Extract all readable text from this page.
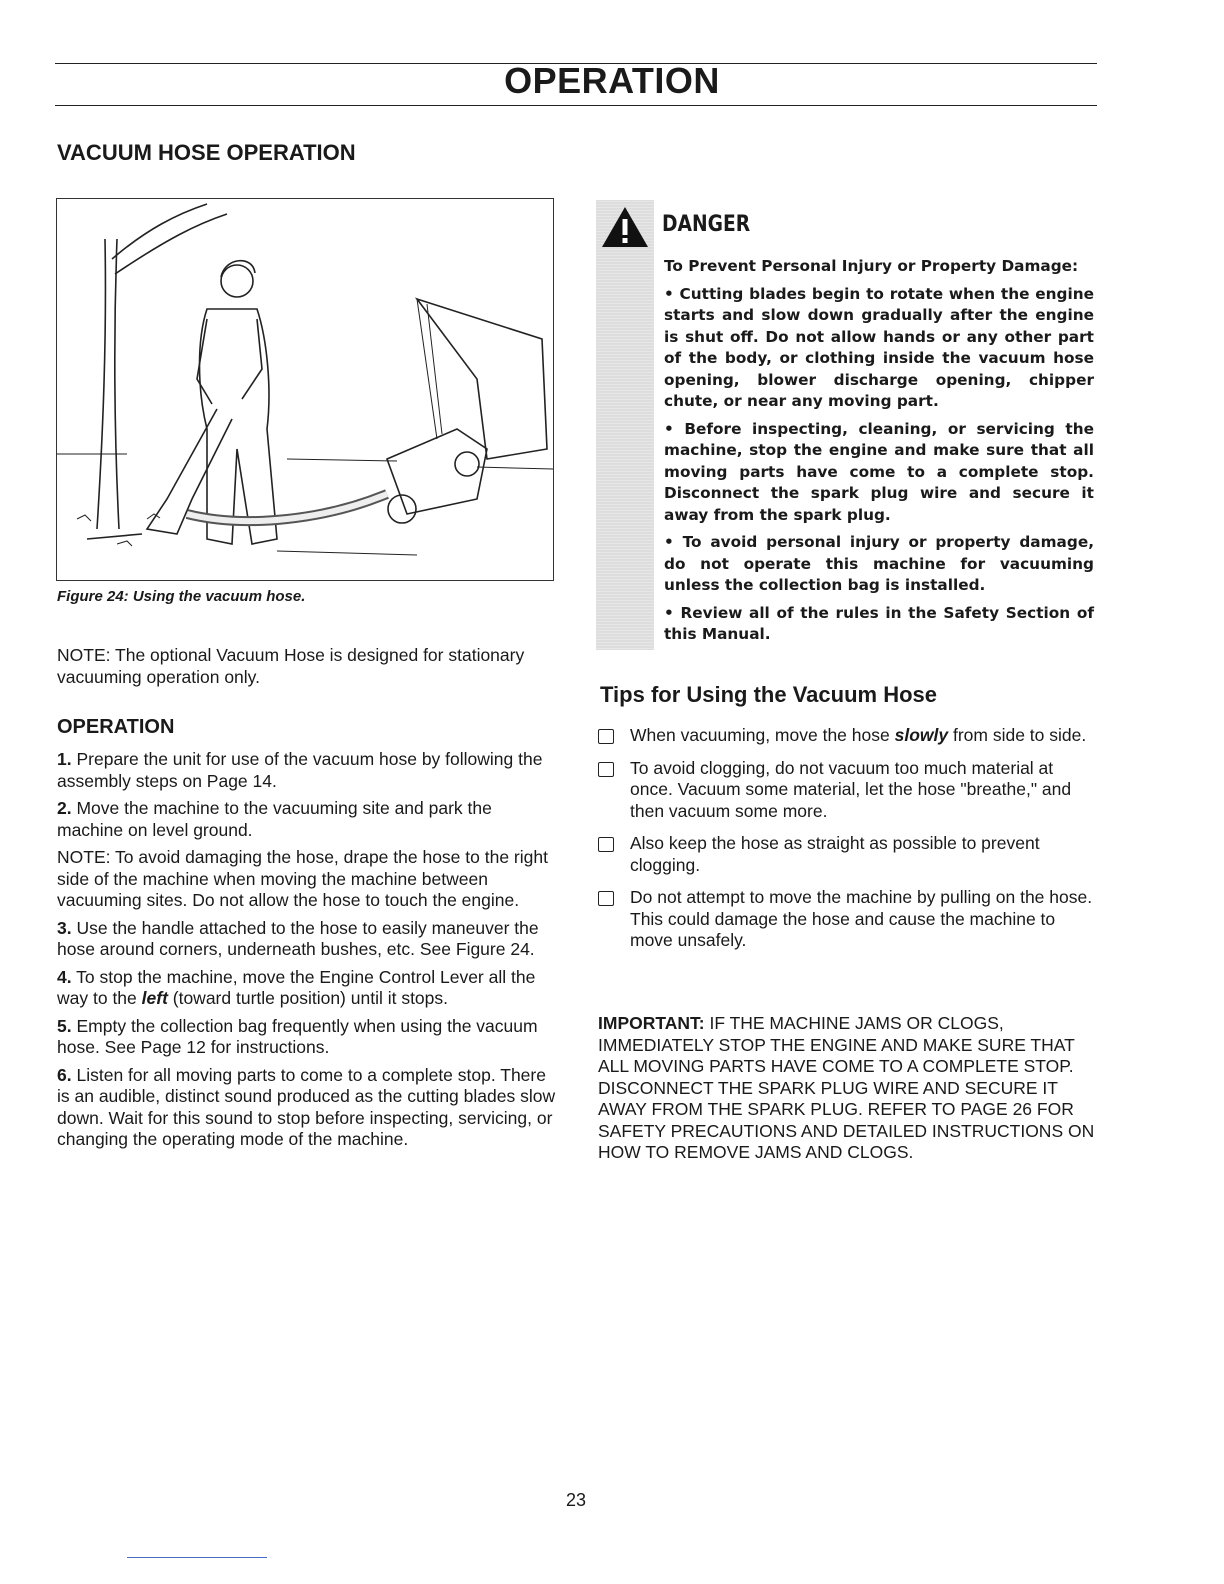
OPERATION
VACUUM HOSE OPERATION
Figure 24: Using the vacuum hose.
NOTE: The optional Vacuum Hose is designed for stationary vacuuming operation only.
OPERATION

1. Prepare the unit for use of the vacuum hose by following the assembly steps on Page 14.

2. Move the machine to the vacuuming site and park the machine on level ground.

NOTE: To avoid damaging the hose, drape the hose to the right side of the machine when moving the machine between vacuuming sites. Do not allow the hose to touch the engine.

3. Use the handle attached to the hose to easily maneuver the hose around corners, underneath bushes, etc. See Figure 24.

4. To stop the machine, move the Engine Control Lever all the way to the left (toward turtle position) until it stops.

5. Empty the collection bag frequently when using the vacuum hose. See Page 12 for instructions.

6. Listen for all moving parts to come to a complete stop. There is an audible, distinct sound produced as the cutting blades slow down. Wait for this sound to stop before inspecting, servicing, or changing the operating mode of the machine.

DANGER

To Prevent Personal Injury or Property Damage:

• Cutting blades begin to rotate when the engine starts and slow down gradually after the engine is shut off. Do not allow hands or any other part of the body, or clothing inside the vacuum hose opening, blower discharge opening, chipper chute, or near any moving part.

• Before inspecting, cleaning, or servicing the machine, stop the engine and make sure that all moving parts have come to a complete stop. Disconnect the spark plug wire and secure it away from the spark plug.

• To avoid personal injury or property damage, do not operate this machine for vacuuming unless the collection bag is installed.

• Review all of the rules in the Safety Section of this Manual.

Tips for Using the Vacuum Hose
When vacuuming, move the hose slowly from side to side.
To avoid clogging, do not vacuum too much material at once. Vacuum some material, let the hose "breathe," and then vacuum some more.
Also keep the hose as straight as possible to prevent clogging.
Do not attempt to move the machine by pulling on the hose. This could damage the hose and cause the machine to move unsafely.
IMPORTANT: IF THE MACHINE JAMS OR CLOGS, IMMEDIATELY STOP THE ENGINE AND MAKE SURE THAT ALL MOVING PARTS HAVE COME TO A COMPLETE STOP. DISCONNECT THE SPARK PLUG WIRE AND SECURE IT AWAY FROM THE SPARK PLUG. REFER TO PAGE 26 FOR SAFETY PRECAUTIONS AND DETAILED INSTRUCTIONS ON HOW TO REMOVE JAMS AND CLOGS.
23
